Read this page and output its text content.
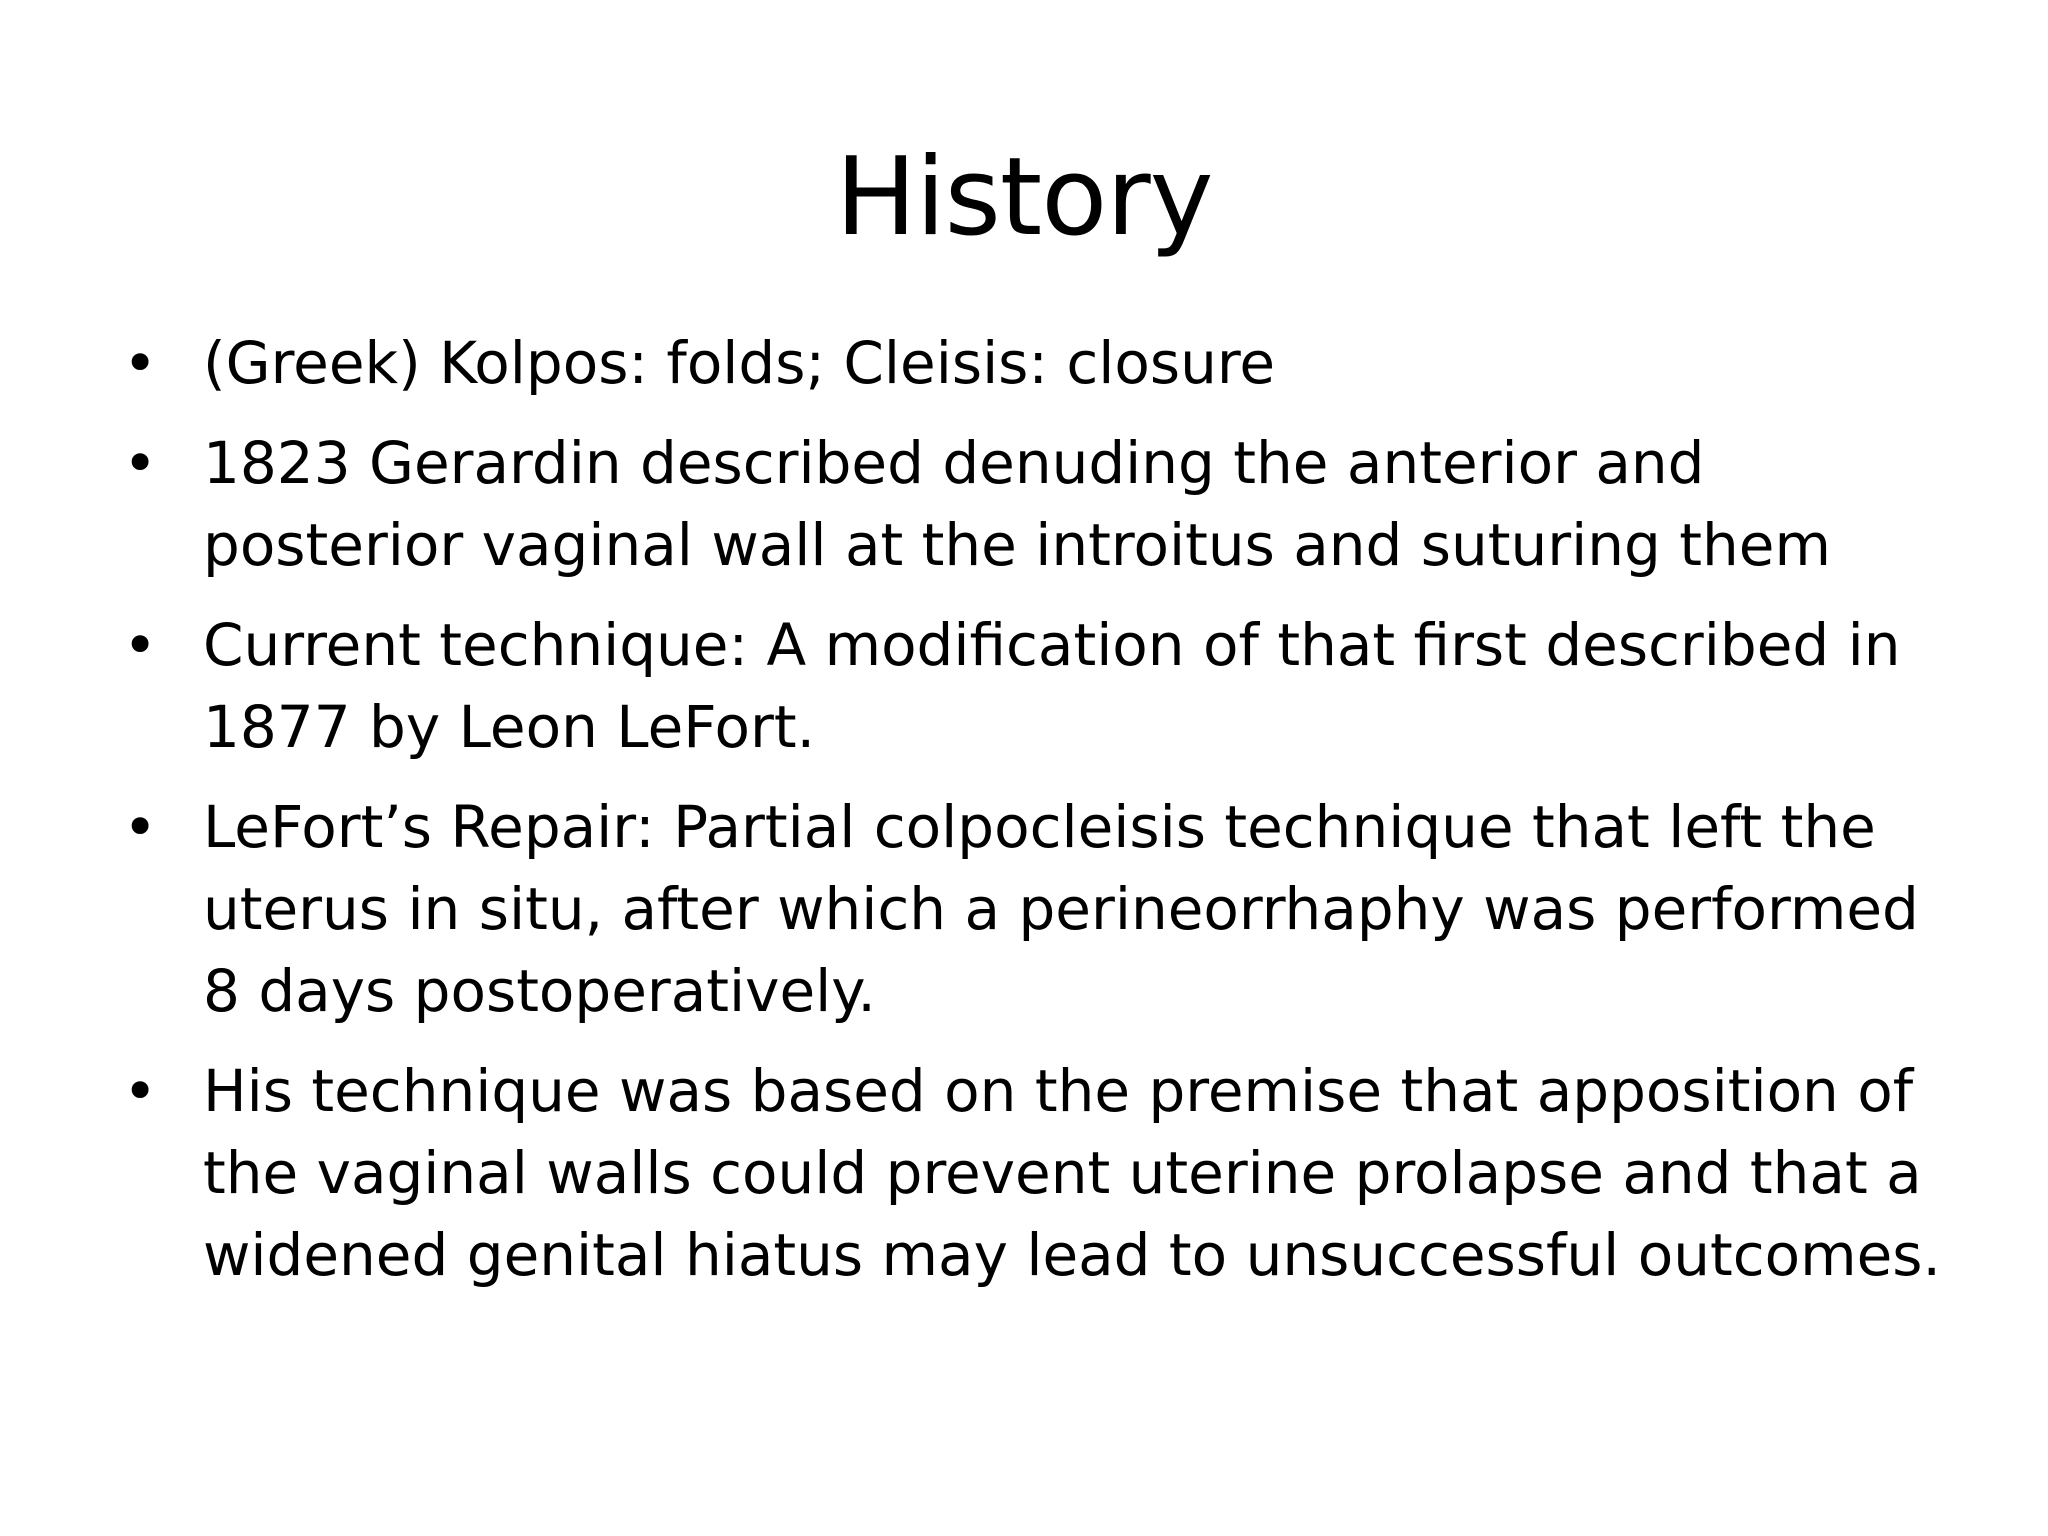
History
• (Greek) Kolpos: folds; Cleisis: closure
• 1823 Gerardin described denuding the anterior and posterior vaginal wall at the introitus and suturing them
• Current technique: A modification of that first described in 1877 by Leon LeFort.
• LeFort’s Repair: Partial colpocleisis technique that left the uterus in situ, after which a perineorrhaphy was performed 8 days postoperatively.
• His technique was based on the premise that apposition of the vaginal walls could prevent uterine prolapse and that a widened genital hiatus may lead to unsuccessful outcomes.
